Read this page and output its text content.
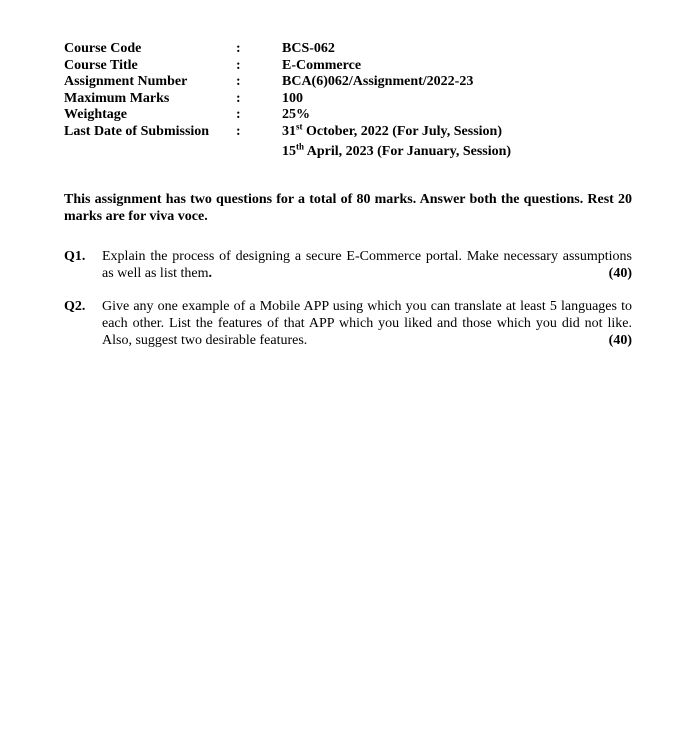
Course Code	:	BCS-062
Course Title	:	E-Commerce
Assignment Number	:	BCA(6)062/Assignment/2022-23
Maximum Marks	:	100
Weightage	:	25%
Last Date of Submission	:	31st October, 2022 (For July, Session)
15th April, 2023 (For January, Session)
This assignment has two questions for a total of 80 marks. Answer both the questions. Rest 20 marks are for viva voce.
Q1.	Explain the process of designing a secure E-Commerce portal. Make necessary assumptions as well as list them.	(40)
Q2.	Give any one example of a Mobile APP using which you can translate at least 5 languages to each other. List the features of that APP which you liked and those which you did not like. Also, suggest two desirable features.	(40)
